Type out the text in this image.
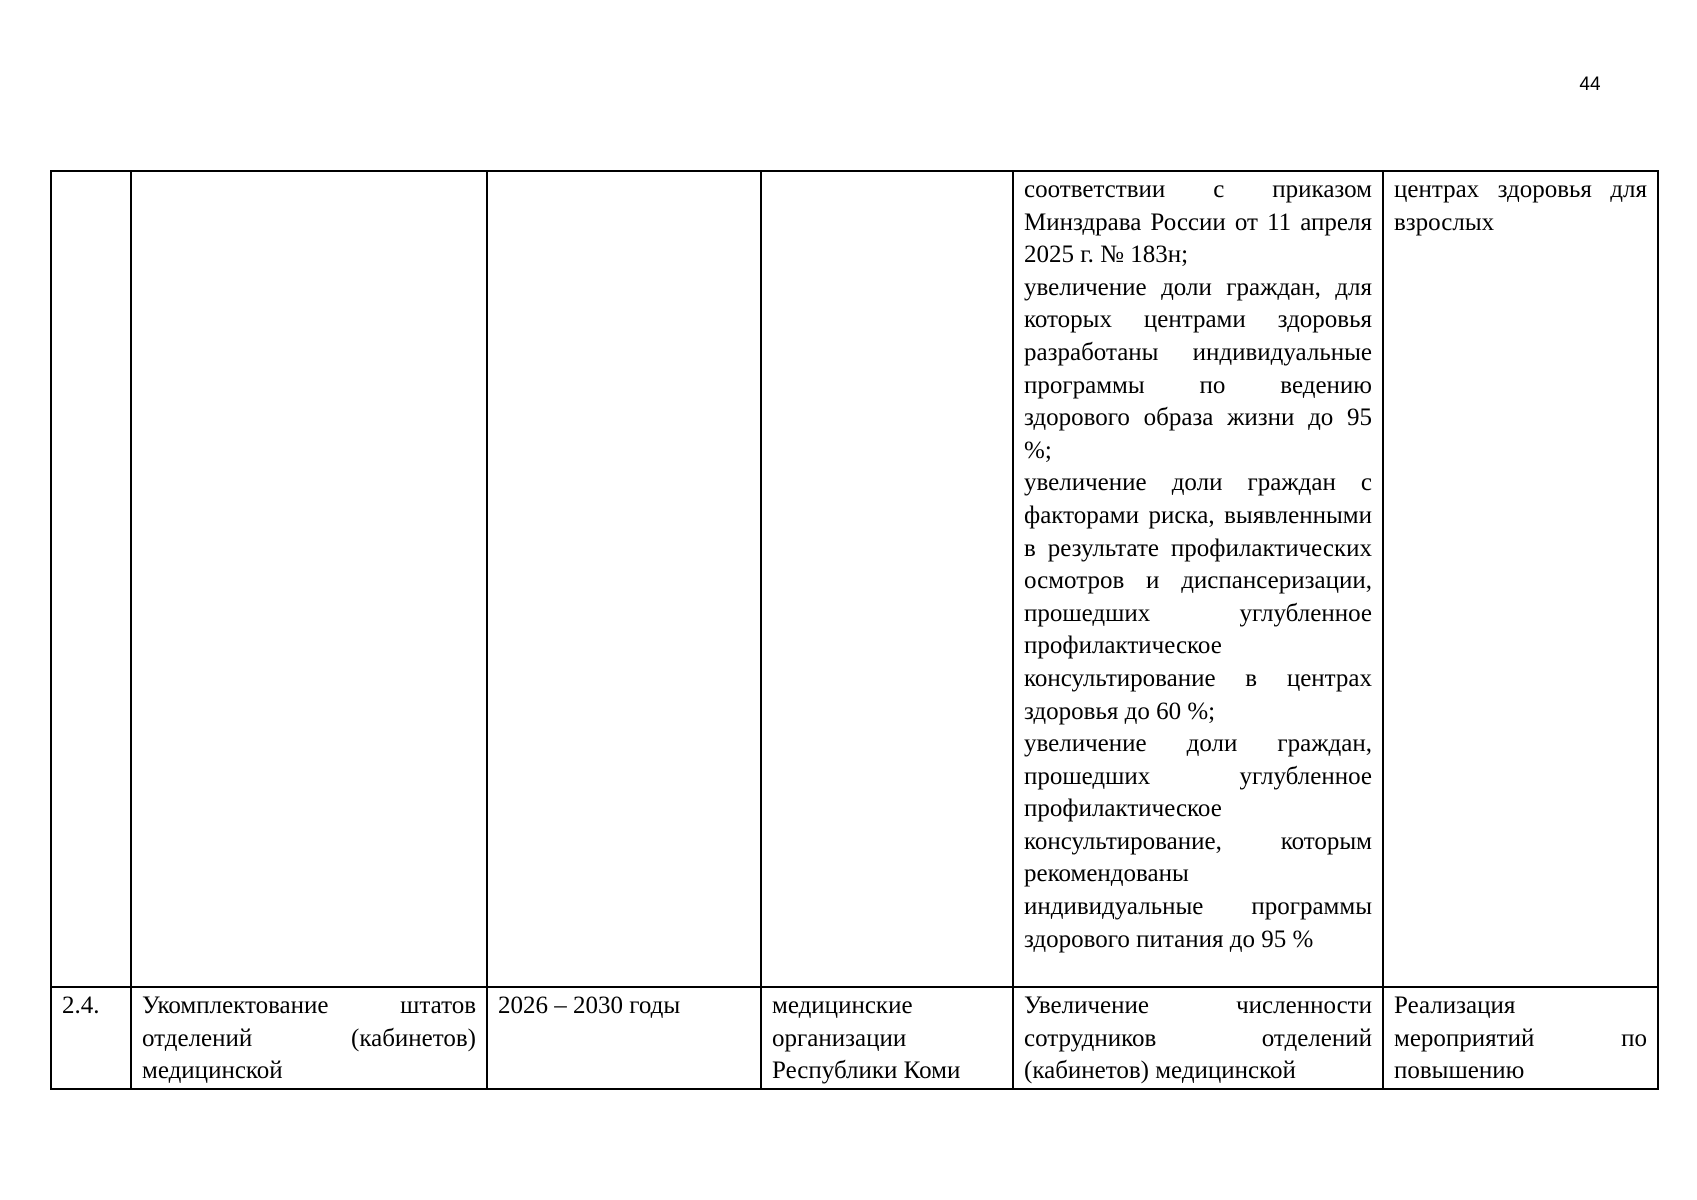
44

				соответствии с приказом Минздрава России от 11 апреля 2025 г. № 183н;
увеличение доли граждан, для которых центрами здоровья разработаны индивидуальные программы по ведению здорового образа жизни до 95 %;
увеличение доли граждан с факторами риска, выявленными в результате профилактических осмотров и диспансеризации, прошедших углубленное профилактическое консультирование в центрах здоровья до 60 %;
увеличение доли граждан, прошедших углубленное профилактическое консультирование, которым рекомендованы индивидуальные программы здорового питания до 95 %	центрах здоровья для взрослых
2.4.	Укомплектование штатов отделений (кабинетов) медицинской	2026 – 2030 годы	медицинские организации Республики Коми	Увеличение численности сотрудников отделений (кабинетов) медицинской	Реализация мероприятий по повышению
